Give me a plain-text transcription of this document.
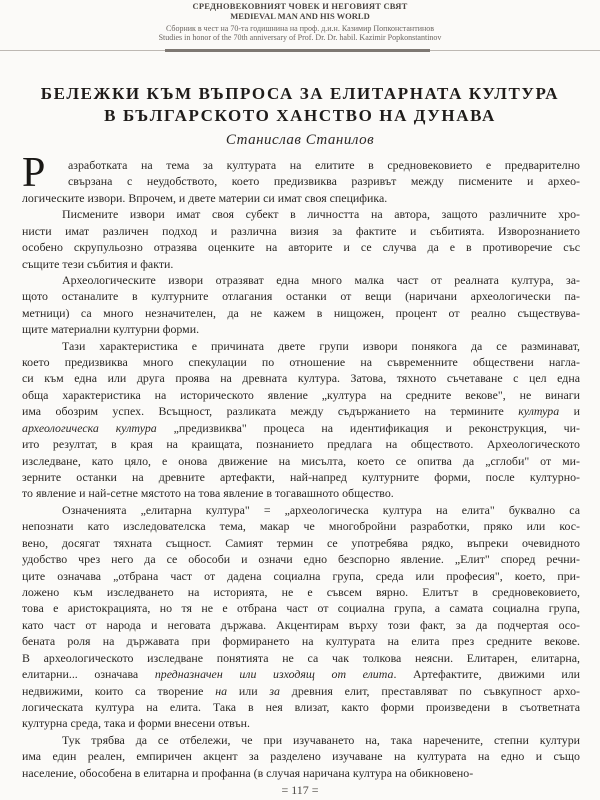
СРЕДНОВЕКОВНИЯТ ЧОВЕК И НЕГОВИЯТ СВЯТ
MEDIEVAL MAN AND HIS WORLD
Сборник в чест на 70-та годишнина на проф. д.и.н. Казимир Попконстантинов
Studies in honor of the 70th anniversary of Prof. Dr. Dr. habil. Kazimir Popkonstantinov
БЕЛЕЖКИ КЪМ ВЪПРОСА ЗА ЕЛИТАРНАТА КУЛТУРА
В БЪЛГАРСКОТО ХАНСТВО НА ДУНАВА
Станислав Станилов
Р	азработката на тема за културата на елитите в средновековието е предварително
свързана с неудобството, което предизвиква разривът между писмените и архео-
логическите извори. Впрочем, и двете материи си имат своя специфика.
Писмените извори имат своя субект в личността на автора, защото различните хро-
нисти имат различен подход и различна визия за фактите и събитията. Изворознанието
особено скрупульозно отразява оценките на авторите и се случва да е в противоречие със
същите тези събития и факти.
Археологическите извори отразяват една много малка част от реалната култура, за-
щото останалите в културните отлагания останки от вещи (наричани археологически па-
метници) са много незначителен, да не кажем в нищожен, процент от реално съществува-
щите материални културни форми.
Тази характеристика е причината двете групи извори понякога да се разминават,
което предизвиква много спекулации по отношение на съвременните обществени нагла-
си към една или друга проява на древната култура. Затова, тяхното съчетаване с цел една
обща характеристика на историческото явление „култура на средните векове", не винаги
има обозрим успех. Всъщност, разликата между съдържанието на термините култура и
археологическа култура „предизвиква" процеса на идентификация и реконструкция, чи-
ито резултат, в края на краищата, познанието предлага на обществото. Археологическото
изследване, като цяло, е онова движение на мисълта, което се опитва да „сглоби" от ми-
зерните останки на древните артефакти, най-напред културните форми, после културно-
то явление и най-сетне мястото на това явление в тогавашното общество.
Означенията „елитарна култура" = „археологическа култура на елита" буквално са
непознати като изследователска тема, макар че многобройни разработки, пряко или кос-
вено, досягат тяхната същност. Самият термин се употребява рядко, въпреки очевидното
удобство чрез него да се обособи и означи едно безспорно явление. „Елит" според речни-
ците означава „отбрана част от дадена социална група, среда или професия", което, при-
ложено към изследването на историята, не е съвсем вярно. Елитът в средновековието,
това е аристокрацията, но тя не е отбрана част от социална група, а самата социална група,
като част от народа и неговата държава. Акцентирам върху този факт, за да подчертая осо-
бената роля на държавата при формирането на културата на елита през средните векове.
В археологическото изследване понятията не са чак толкова неясни. Елитарен, елитарна,
елитарни... означава предназначен или изходящ от елита. Артефактите, движими или
недвижими, които са творение на или за древния елит, преставляват по съвкупност архо-
логическата култура на елита. Така в нея влизат, както форми произведени в съответната
културна среда, така и форми внесени отвън.
Тук трябва да се отбележи, че при изучаването на, така наречените, степни култури
има един реален, емпиричен акцент за разделено изучаване на културата на едно и също
население, обособена в елитарна и профанна (в случая наричана култура на обикновено-
= 117 =
